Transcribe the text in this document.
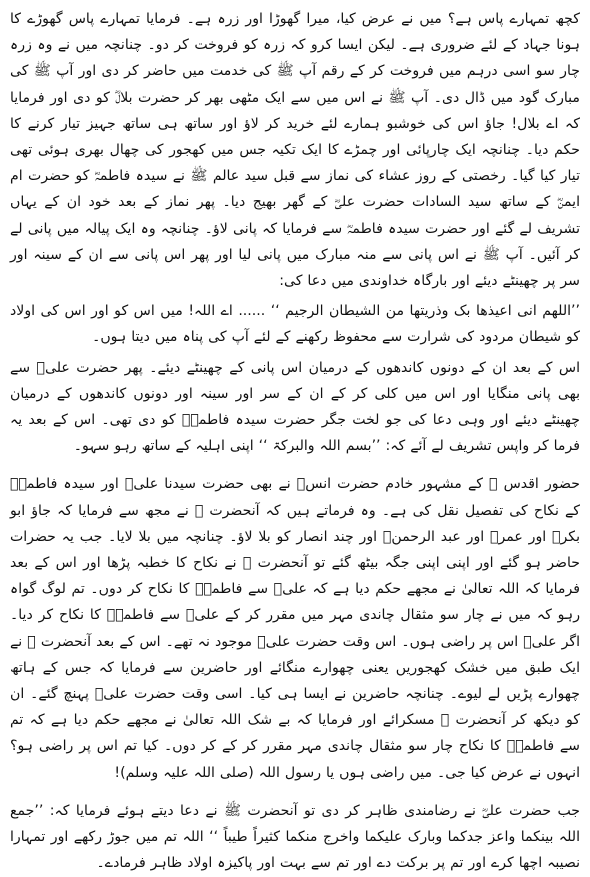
کچھ تمہارے پاس ہے؟ میں نے عرض کیا، میرا گھوڑا اور زرہ ہے۔ فرمایا تمہارے پاس گھوڑے کا ہونا جہاد کے لئے ضروری ہے۔ لیکن ایسا کرو کہ زرہ کو فروخت کر دو۔ چنانچہ میں نے وہ زرہ چار سو اسی درہم میں فروخت کر کے رقم آپ ﷺ کی خدمت میں حاضر کر دی اور آپ ﷺ کی مبارک گود میں ڈال دی۔ آپ ﷺ نے اس میں سے ایک مٹھی بھر کر حضرت بلالؓ کو دی اور فرمایا کہ اے بلال! جاؤ اس کی خوشبو ہمارے لئے خرید کر لاؤ اور ساتھ ہی ساتھ جہیز تیار کرنے کا حکم دیا۔ چنانچہ ایک چارپائی اور چمڑے کا ایک تکیہ جس میں کھجور کی چھال بھری ہوئی تھی تیار کیا گیا۔ رخصتی کے روز عشاء کی نماز سے قبل سید عالم ﷺ نے سیدہ فاطمہؓ کو حضرت ام ایمنؓ کے ساتھ سید السادات حضرت علیؓ کے گھر بھیج دیا۔ پھر نماز کے بعد خود ان کے یہاں تشریف لے گئے اور حضرت سیدہ فاطمہؓ سے فرمایا کہ پانی لاؤ۔ چنانچہ وہ ایک پیالہ میں پانی لے کر آئیں۔ آپ ﷺ نے اس پانی سے منہ مبارک میں پانی لیا اور پھر اس پانی سے ان کے سینہ اور سر پر چھینٹے دیئے اور بارگاہ خداوندی میں دعا کی:

’’اللھم انی اعیذھا بک وذریتھا من الشیطان الرجیم ‘‘ ...... اے اللہ! میں اس کو اور اس کی اولاد کو شیطان مردود کی شرارت سے محفوظ رکھنے کے لئے آپ کی پناہ میں دیتا ہوں۔

اس کے بعد ان کے دونوں کاندھوں کے درمیان اس پانی کے چھینٹے دیئے۔ پھر حضرت علیؓ سے بھی پانی منگایا اور اس میں کلی کر کے ان کے سر اور سینہ اور دونوں کاندھوں کے درمیان چھینٹے دیئے اور وہی دعا کی جو لخت جگر حضرت سیدہ فاطمہؓ کو دی تھی۔ اس کے بعد یہ فرما کر واپس تشریف لے آئے کہ: ’’بسم اللہ والبرکۃ ‘‘ اپنی اہلیہ کے ساتھ رہو سہو۔

حضور اقدس ﷺ کے مشہور خادم حضرت انسؓ نے بھی حضرت سیدنا علیؓ اور سیدہ فاطمہؓ کے نکاح کی تفصیل نقل کی ہے۔ وہ فرماتے ہیں کہ آنحضرت ﷺ نے مجھ سے فرمایا کہ جاؤ ابو بکرؓ اور عمرؓ اور عبد الرحمنؓ اور چند انصار کو بلا لاؤ۔ چنانچہ میں بلا لایا۔ جب یہ حضرات حاضر ہو گئے اور اپنی اپنی جگہ بیٹھ گئے تو آنحضرت ﷺ نے نکاح کا خطبہ پڑھا اور اس کے بعد فرمایا کہ اللہ تعالیٰ نے مجھے حکم دیا ہے کہ علیؓ سے فاطمہؓ کا نکاح کر دوں۔ تم لوگ گواہ رہو کہ میں نے چار سو مثقال چاندی مہر میں مقرر کر کے علیؓ سے فاطمہؓ کا نکاح کر دیا۔ اگر علیؓ اس پر راضی ہوں۔ اس وقت حضرت علیؓ موجود نہ تھے۔ اس کے بعد آنحضرت ﷺ نے ایک طبق میں خشک کھجوریں یعنی چھوارے منگائے اور حاضرین سے فرمایا کہ جس کے ہاتھ چھوارے پڑیں لے لیوے۔ چنانچہ حاضرین نے ایسا ہی کیا۔ اسی وقت حضرت علیؓ پہنچ گئے۔ ان کو دیکھ کر آنحضرت ﷺ مسکرائے اور فرمایا کہ بے شک اللہ تعالیٰ نے مجھے حکم دیا ہے کہ تم سے فاطمہؓ کا نکاح چار سو مثقال چاندی مہر مقرر کر کے کر دوں۔ کیا تم اس پر راضی ہو؟ انہوں نے عرض کیا جی۔ میں راضی ہوں یا رسول اللہ (صلی اللہ علیہ وسلم)!

جب حضرت علیؓ نے رضامندی ظاہر کر دی تو آنحضرت ﷺ نے دعا دیتے ہوئے فرمایا کہ: ’’جمع اللہ بینکما واعز جدکما وبارک علیکما واخرج منکما کثیراً طیباً ‘‘ اللہ تم میں جوڑ رکھے اور تمہارا نصیبہ اچھا کرے اور تم پر برکت دے اور تم سے بہت اور پاکیزہ اولاد ظاہر فرمادے۔
